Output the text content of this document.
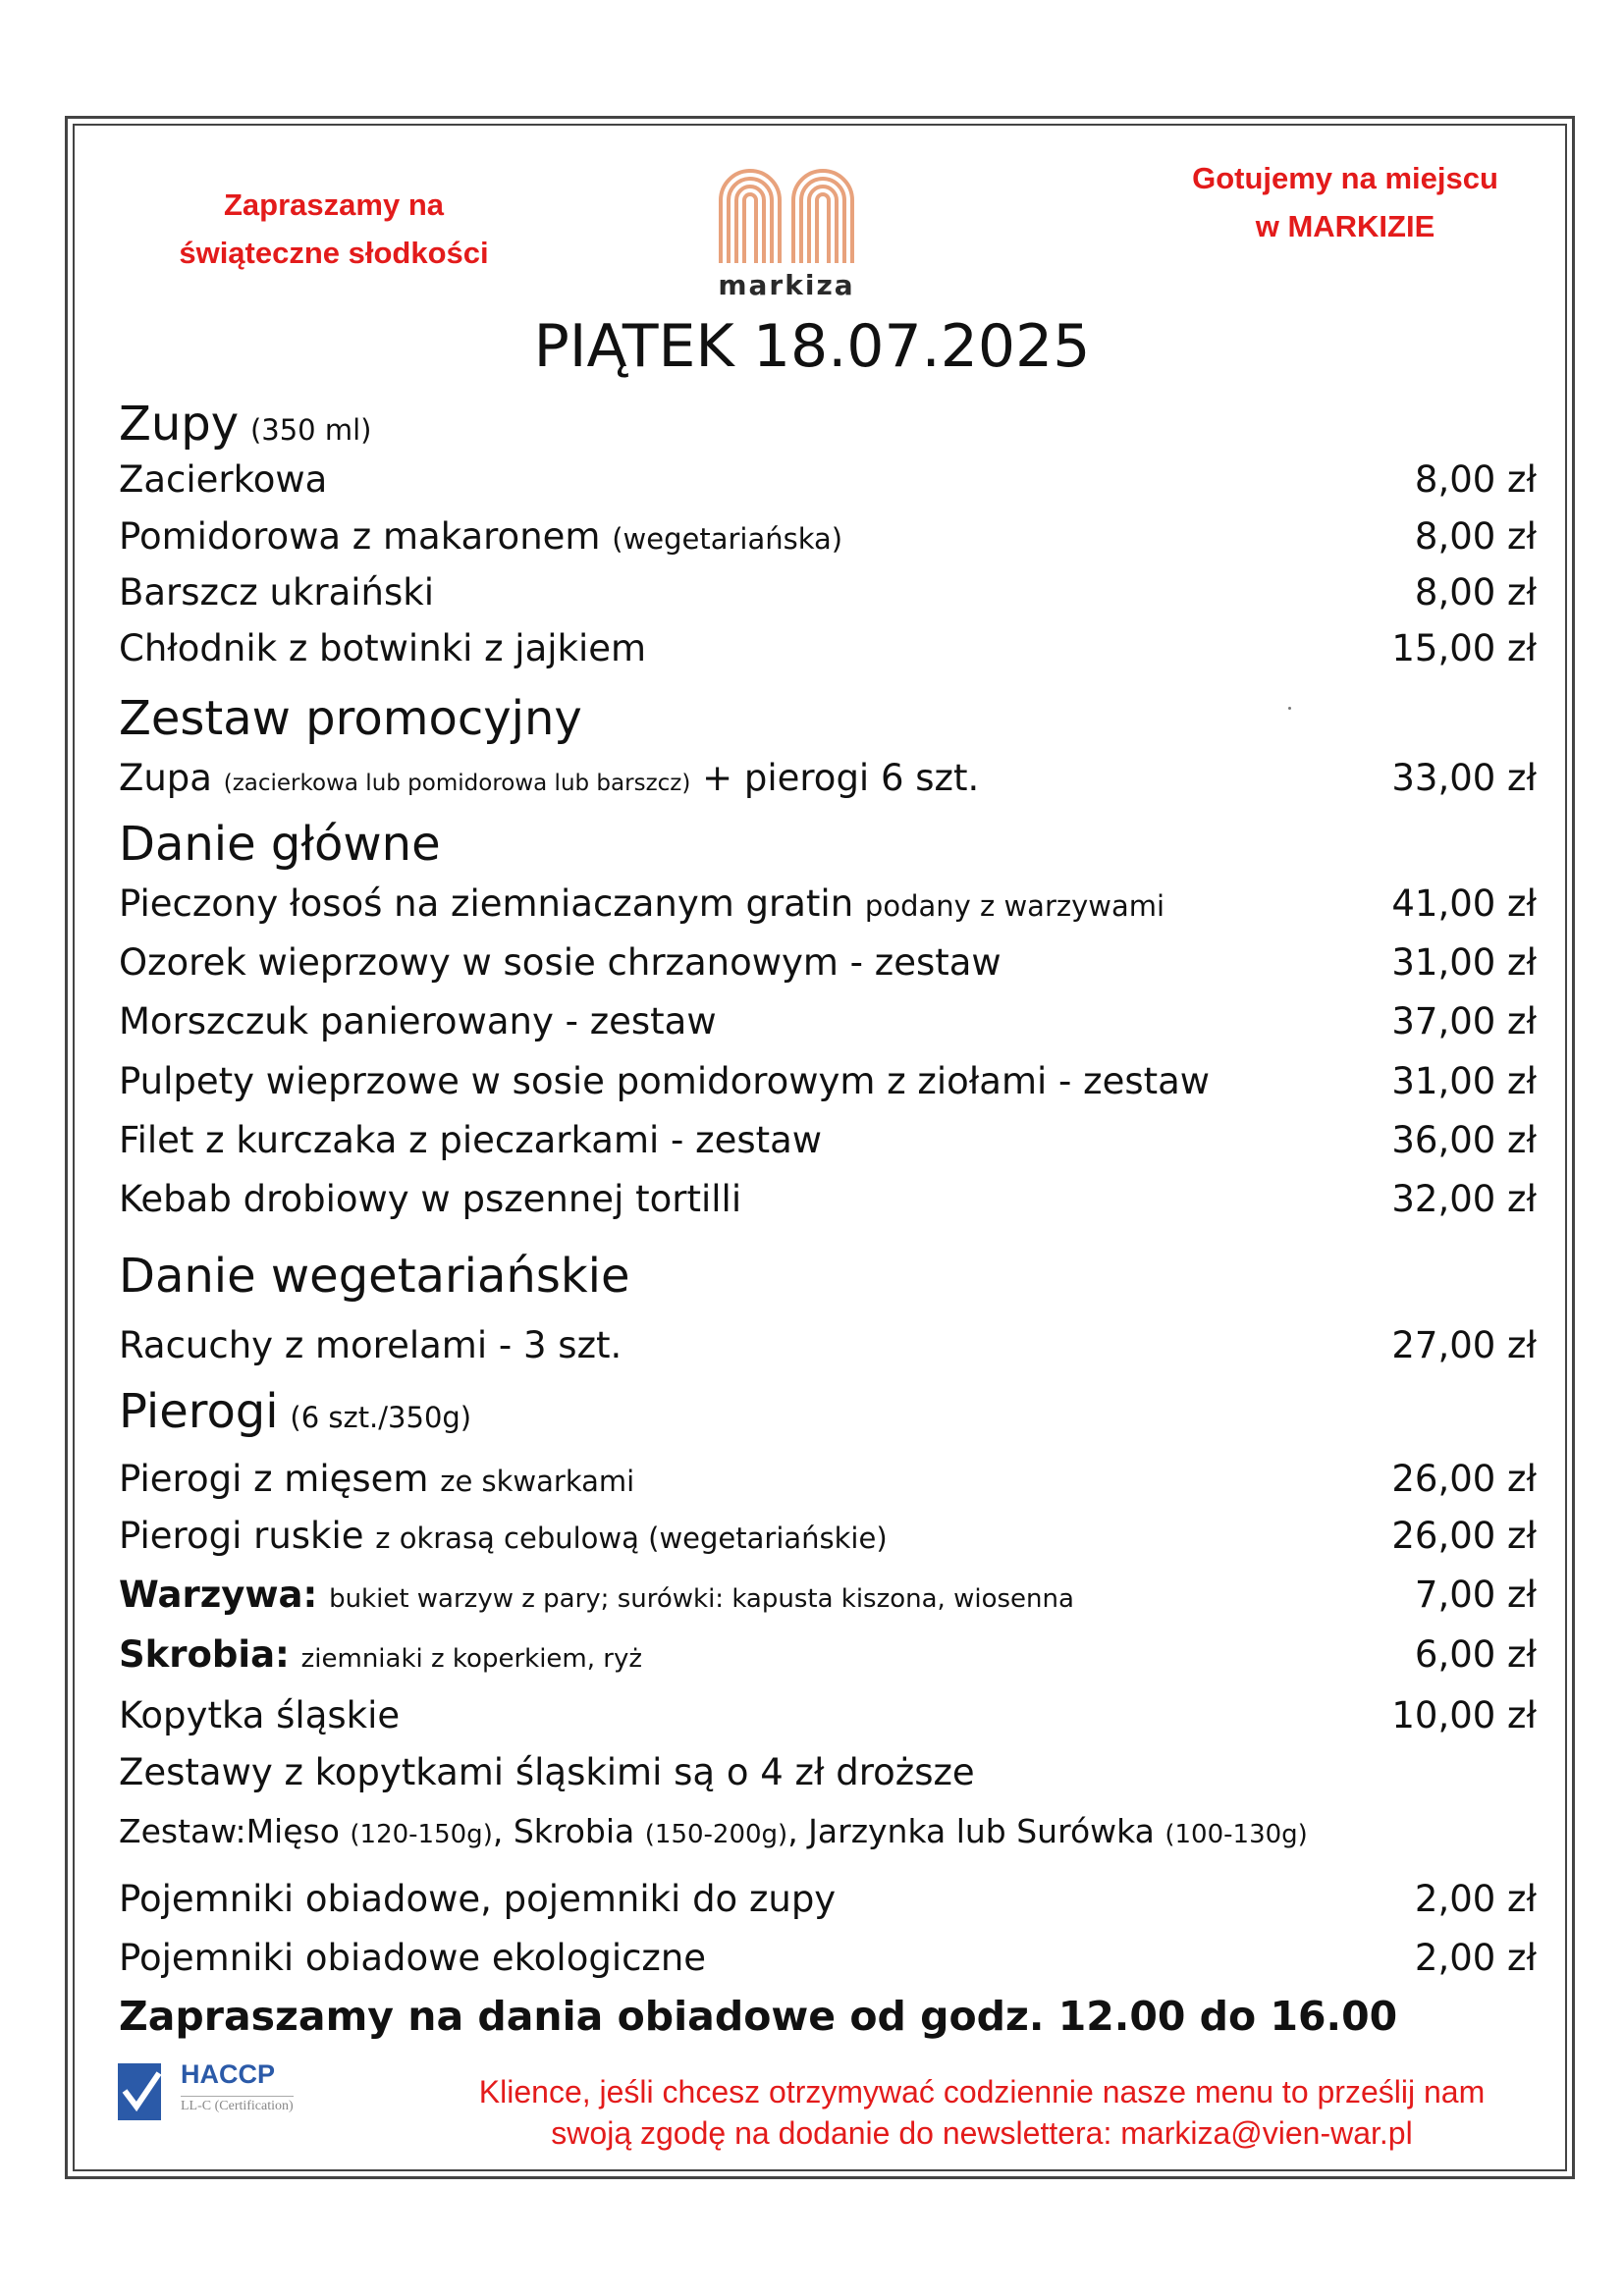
Zapraszamy na
świąteczne słodkości
Gotujemy na miejscu
w MARKIZIE
markiza
PIĄTEK 18.07.2025
Zupy (350 ml)
Zacierkowa	8,00 zł
Pomidorowa z makaronem (wegetariańska)	8,00 zł
Barszcz ukraiński	8,00 zł
Chłodnik z botwinki z jajkiem	15,00 zł
Zestaw promocyjny
Zupa (zacierkowa lub pomidorowa lub barszcz) + pierogi 6 szt.	33,00 zł
Danie główne
Pieczony łosoś na ziemniaczanym gratin podany z warzywami	41,00 zł
Ozorek wieprzowy w sosie chrzanowym - zestaw	31,00 zł
Morszczuk panierowany - zestaw	37,00 zł
Pulpety wieprzowe w sosie pomidorowym z ziołami - zestaw	31,00 zł
Filet z kurczaka z pieczarkami - zestaw	36,00 zł
Kebab drobiowy w pszennej tortilli	32,00 zł
Danie wegetariańskie
Racuchy z morelami - 3 szt.	27,00 zł
Pierogi (6 szt./350g)
Pierogi z mięsem ze skwarkami	26,00 zł
Pierogi ruskie z okrasą cebulową (wegetariańskie)	26,00 zł
Warzywa: bukiet warzyw z pary; surówki: kapusta kiszona, wiosenna	7,00 zł
Skrobia: ziemniaki z koperkiem, ryż	6,00 zł
Kopytka śląskie	10,00 zł
Zestawy z kopytkami śląskimi są o 4 zł droższe
Zestaw:Mięso (120-150g), Skrobia (150-200g), Jarzynka lub Surówka (100-130g)
Pojemniki obiadowe, pojemniki do zupy	2,00 zł
Pojemniki obiadowe ekologiczne	2,00 zł
Zapraszamy na dania obiadowe od godz. 12.00 do 16.00
HACCP
LL-C (Certification)	Klience, jeśli chcesz otrzymywać codziennie nasze menu to prześlij nam
swoją zgodę na dodanie do newslettera: markiza@vien-war.pl
